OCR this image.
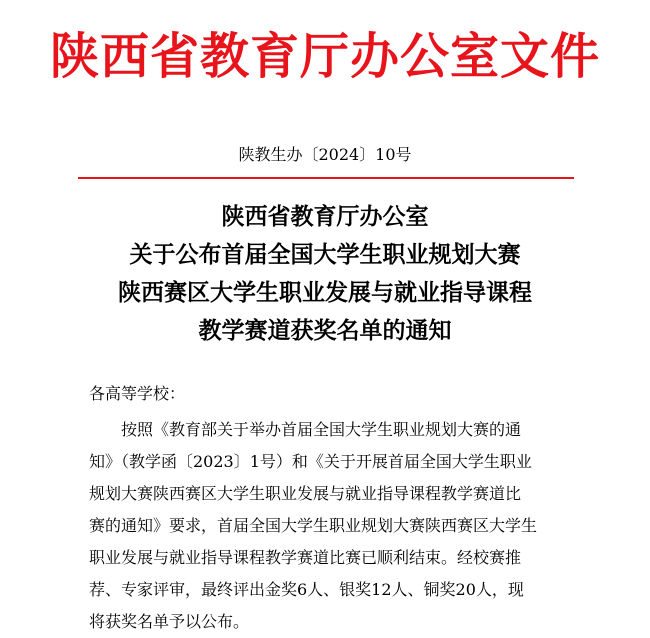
陕西省教育厅办公室文件
陕教生办〔2024〕10号
陕西省教育厅办公室
关于公布首届全国大学生职业规划大赛
陕西赛区大学生职业发展与就业指导课程
教学赛道获奖名单的通知
各高等学校：
　　按照《教育部关于举办首届全国大学生职业规划大赛的通
知》（教学函〔2023〕1号）和《关于开展首届全国大学生职业
规划大赛陕西赛区大学生职业发展与就业指导课程教学赛道比
赛的通知》要求，首届全国大学生职业规划大赛陕西赛区大学生
职业发展与就业指导课程教学赛道比赛已顺利结束。经校赛推
荐、专家评审，最终评出金奖6人、银奖12人、铜奖20人，现
将获奖名单予以公布。
